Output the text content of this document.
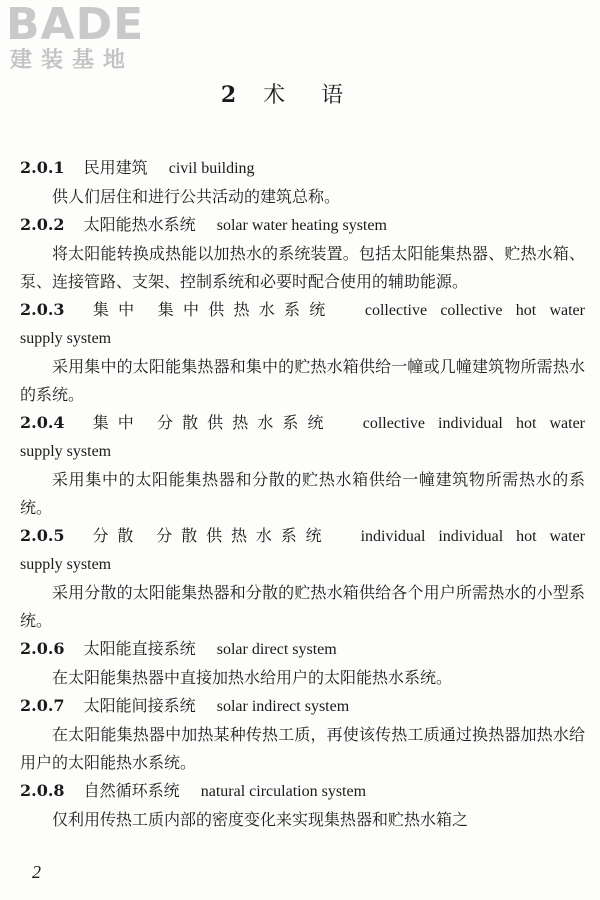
BADE
建装基地
2 术语
2.0.1 民用建筑 civil building
供人们居住和进行公共活动的建筑总称。
2.0.2 太阳能热水系统 solar water heating system
将太阳能转换成热能以加热水的系统装置。包括太阳能集热器、贮热水箱、泵、连接管路、支架、控制系统和必要时配合使用的辅助能源。
2.0.3 集中 集中供热水系统 collective collective hot water
supply system
采用集中的太阳能集热器和集中的贮热水箱供给一幢或几幢建筑物所需热水的系统。
2.0.4 集中 分散供热水系统 collective individual hot water
supply system
采用集中的太阳能集热器和分散的贮热水箱供给一幢建筑物所需热水的系统。
2.0.5 分散 分散供热水系统 individual individual hot water
supply system
采用分散的太阳能集热器和分散的贮热水箱供给各个用户所需热水的小型系统。
2.0.6 太阳能直接系统 solar direct system
在太阳能集热器中直接加热水给用户的太阳能热水系统。
2.0.7 太阳能间接系统 solar indirect system
在太阳能集热器中加热某种传热工质，再使该传热工质通过换热器加热水给用户的太阳能热水系统。
2.0.8 自然循环系统 natural circulation system
仅利用传热工质内部的密度变化来实现集热器和贮热水箱之
2
